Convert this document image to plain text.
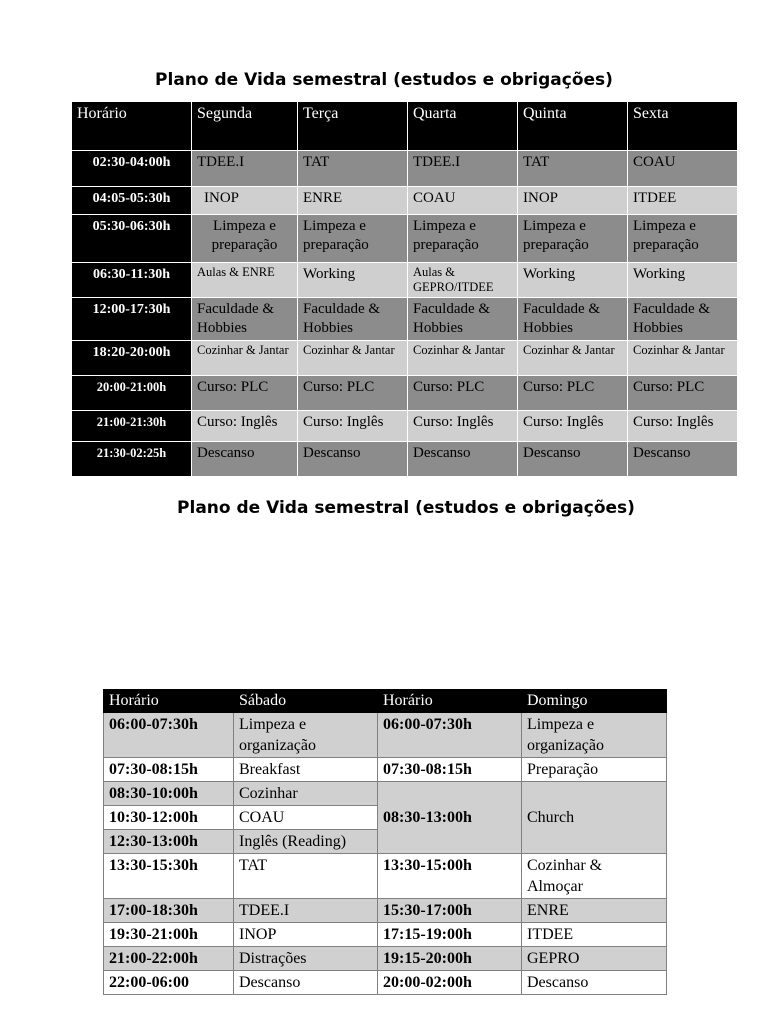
Plano de Vida semestral (estudos e obrigações)
Horário	Segunda	Terça	Quarta	Quinta	Sexta
02:30-04:00h	TDEE.I	TAT	TDEE.I	TAT	COAU
04:05-05:30h	INOP	ENRE	COAU	INOP	ITDEE
05:30-06:30h	Limpeza e preparação	Limpeza e preparação	Limpeza e preparação	Limpeza e preparação	Limpeza e preparação
06:30-11:30h	Aulas & ENRE	Working	Aulas & GEPRO/ITDEE	Working	Working
12:00-17:30h	Faculdade & Hobbies	Faculdade & Hobbies	Faculdade & Hobbies	Faculdade & Hobbies	Faculdade & Hobbies
18:20-20:00h	Cozinhar & Jantar	Cozinhar & Jantar	Cozinhar & Jantar	Cozinhar & Jantar	Cozinhar & Jantar
20:00-21:00h	Curso: PLC	Curso: PLC	Curso: PLC	Curso: PLC	Curso: PLC
21:00-21:30h	Curso: Inglês	Curso: Inglês	Curso: Inglês	Curso: Inglês	Curso: Inglês
21:30-02:25h	Descanso	Descanso	Descanso	Descanso	Descanso
Plano de Vida semestral (estudos e obrigações)
Horário	Sábado	Horário	Domingo
06:00-07:30h	Limpeza e organização	06:00-07:30h	Limpeza e organização
07:30-08:15h	Breakfast	07:30-08:15h	Preparação
08:30-10:00h	Cozinhar	08:30-13:00h	Church
10:30-12:00h	COAU		
12:30-13:00h	Inglês (Reading)		
13:30-15:30h	TAT	13:30-15:00h	Cozinhar & Almoçar
17:00-18:30h	TDEE.I	15:30-17:00h	ENRE
19:30-21:00h	INOP	17:15-19:00h	ITDEE
21:00-22:00h	Distrações	19:15-20:00h	GEPRO
22:00-06:00	Descanso	20:00-02:00h	Descanso
